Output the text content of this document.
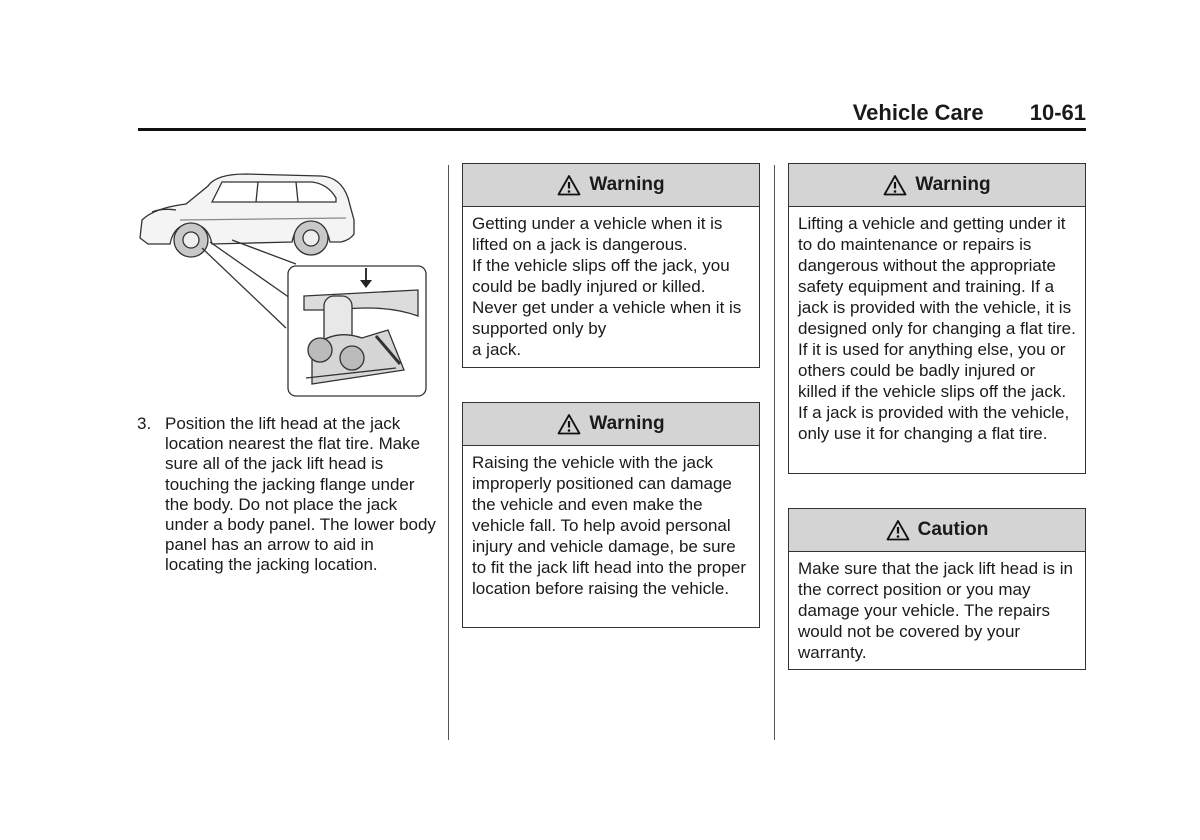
Vehicle Care 10-61
3. Position the lift head at the jack location nearest the flat tire. Make sure all of the jack lift head is touching the jacking flange under the body. Do not place the jack under a body panel. The lower body panel has an arrow to aid in locating the jacking location.
Warning
Getting under a vehicle when it is lifted on a jack is dangerous.
If the vehicle slips off the jack, you could be badly injured or killed. Never get under a vehicle when it is supported only by
a jack.
Warning
Raising the vehicle with the jack improperly positioned can damage the vehicle and even make the vehicle fall. To help avoid personal injury and vehicle damage, be sure to fit the jack lift head into the proper location before raising the vehicle.
Warning
Lifting a vehicle and getting under it to do maintenance or repairs is dangerous without the appropriate safety equipment and training. If a jack is provided with the vehicle, it is designed only for changing a flat tire. If it is used for anything else, you or others could be badly injured or killed if the vehicle slips off the jack. If a jack is provided with the vehicle, only use it for changing a flat tire.
Caution
Make sure that the jack lift head is in the correct position or you may damage your vehicle. The repairs would not be covered by your warranty.
